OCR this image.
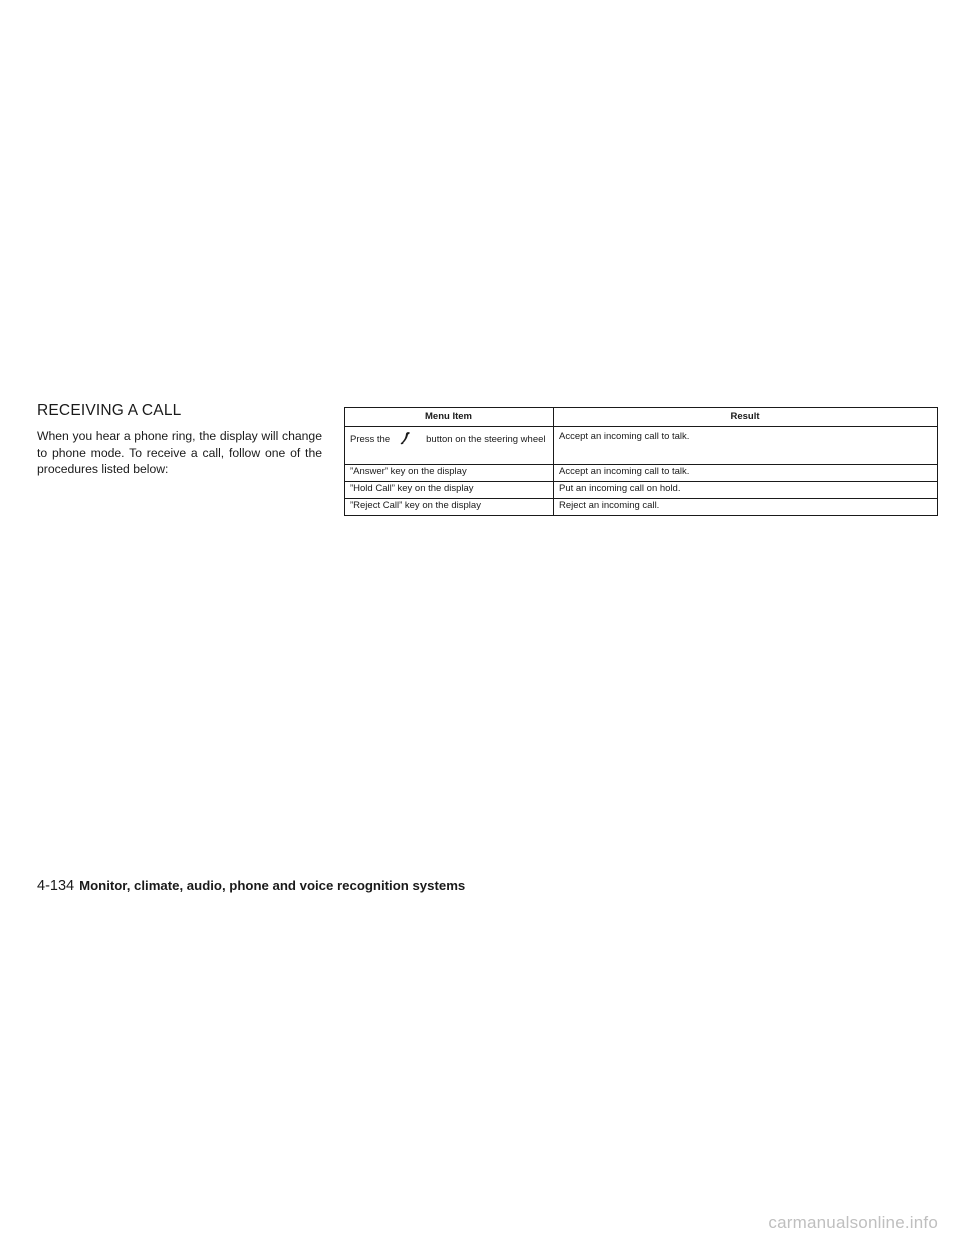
RECEIVING A CALL

When you hear a phone ring, the display will change to phone mode. To receive a call, follow one of the procedures listed below:

Menu Item	Result
Press the button on the steering wheel	Accept an incoming call to talk.
”Answer” key on the display	Accept an incoming call to talk.
”Hold Call” key on the display	Put an incoming call on hold.
”Reject Call” key on the display	Reject an incoming call.
4-134 Monitor, climate, audio, phone and voice recognition systems
carmanualsonline.info
